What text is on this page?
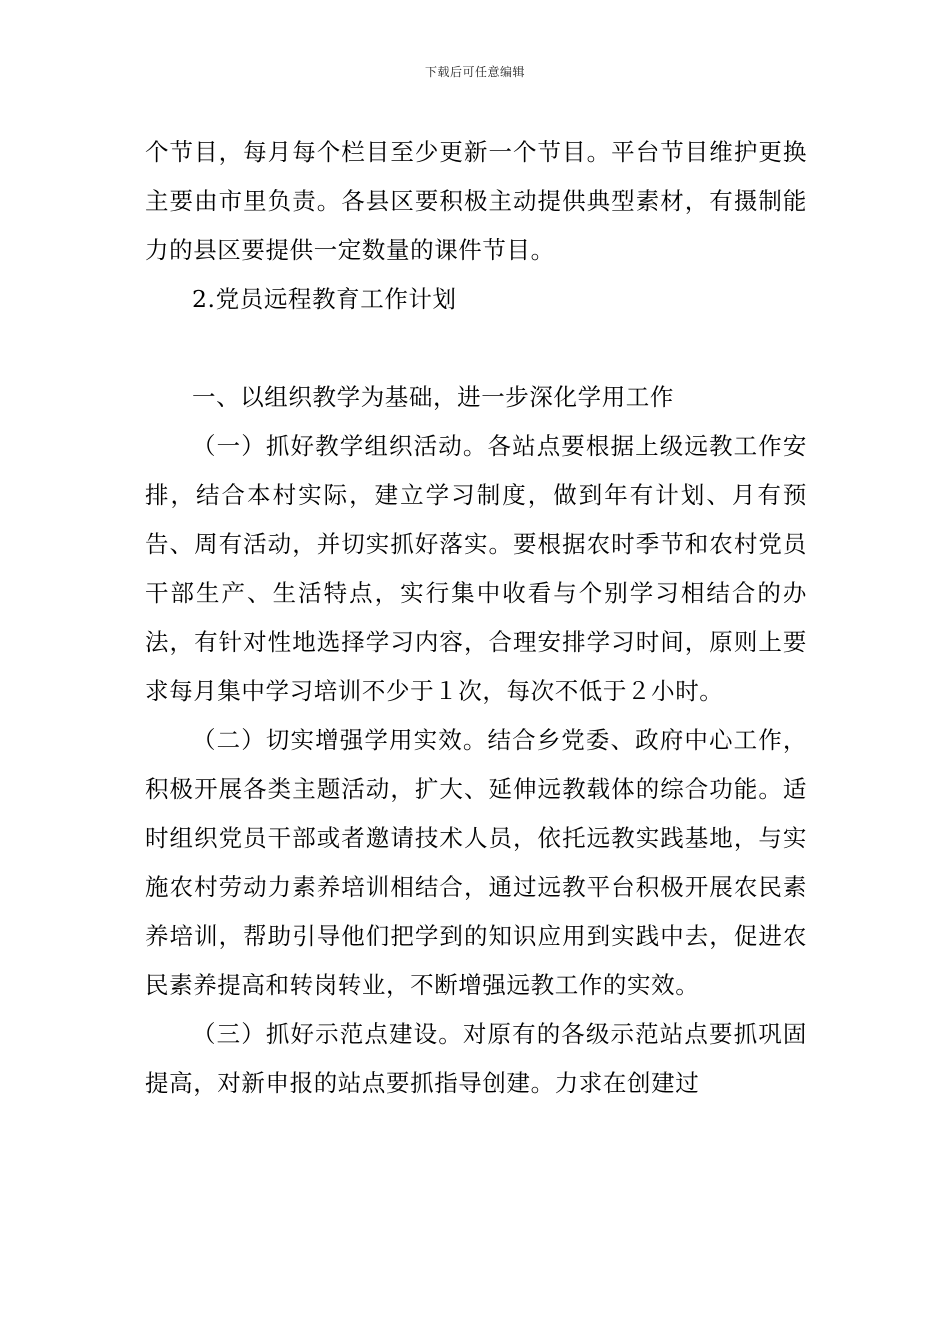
下载后可任意编辑

个节目，每月每个栏目至少更新一个节目。平台节目维护更换主要由市里负责。各县区要积极主动提供典型素材，有摄制能力的县区要提供一定数量的课件节目。

2.党员远程教育工作计划

一、以组织教学为基础，进一步深化学用工作

（一）抓好教学组织活动。各站点要根据上级远教工作安排，结合本村实际，建立学习制度，做到年有计划、月有预告、周有活动，并切实抓好落实。要根据农时季节和农村党员干部生产、生活特点，实行集中收看与个别学习相结合的办法，有针对性地选择学习内容，合理安排学习时间，原则上要求每月集中学习培训不少于１次，每次不低于２小时。

（二）切实增强学用实效。结合乡党委、政府中心工作，积极开展各类主题活动，扩大、延伸远教载体的综合功能。适时组织党员干部或者邀请技术人员，依托远教实践基地，与实施农村劳动力素养培训相结合，通过远教平台积极开展农民素养培训，帮助引导他们把学到的知识应用到实践中去，促进农民素养提高和转岗转业，不断增强远教工作的实效。

（三）抓好示范点建设。对原有的各级示范站点要抓巩固提高，对新申报的站点要抓指导创建。力求在创建过
